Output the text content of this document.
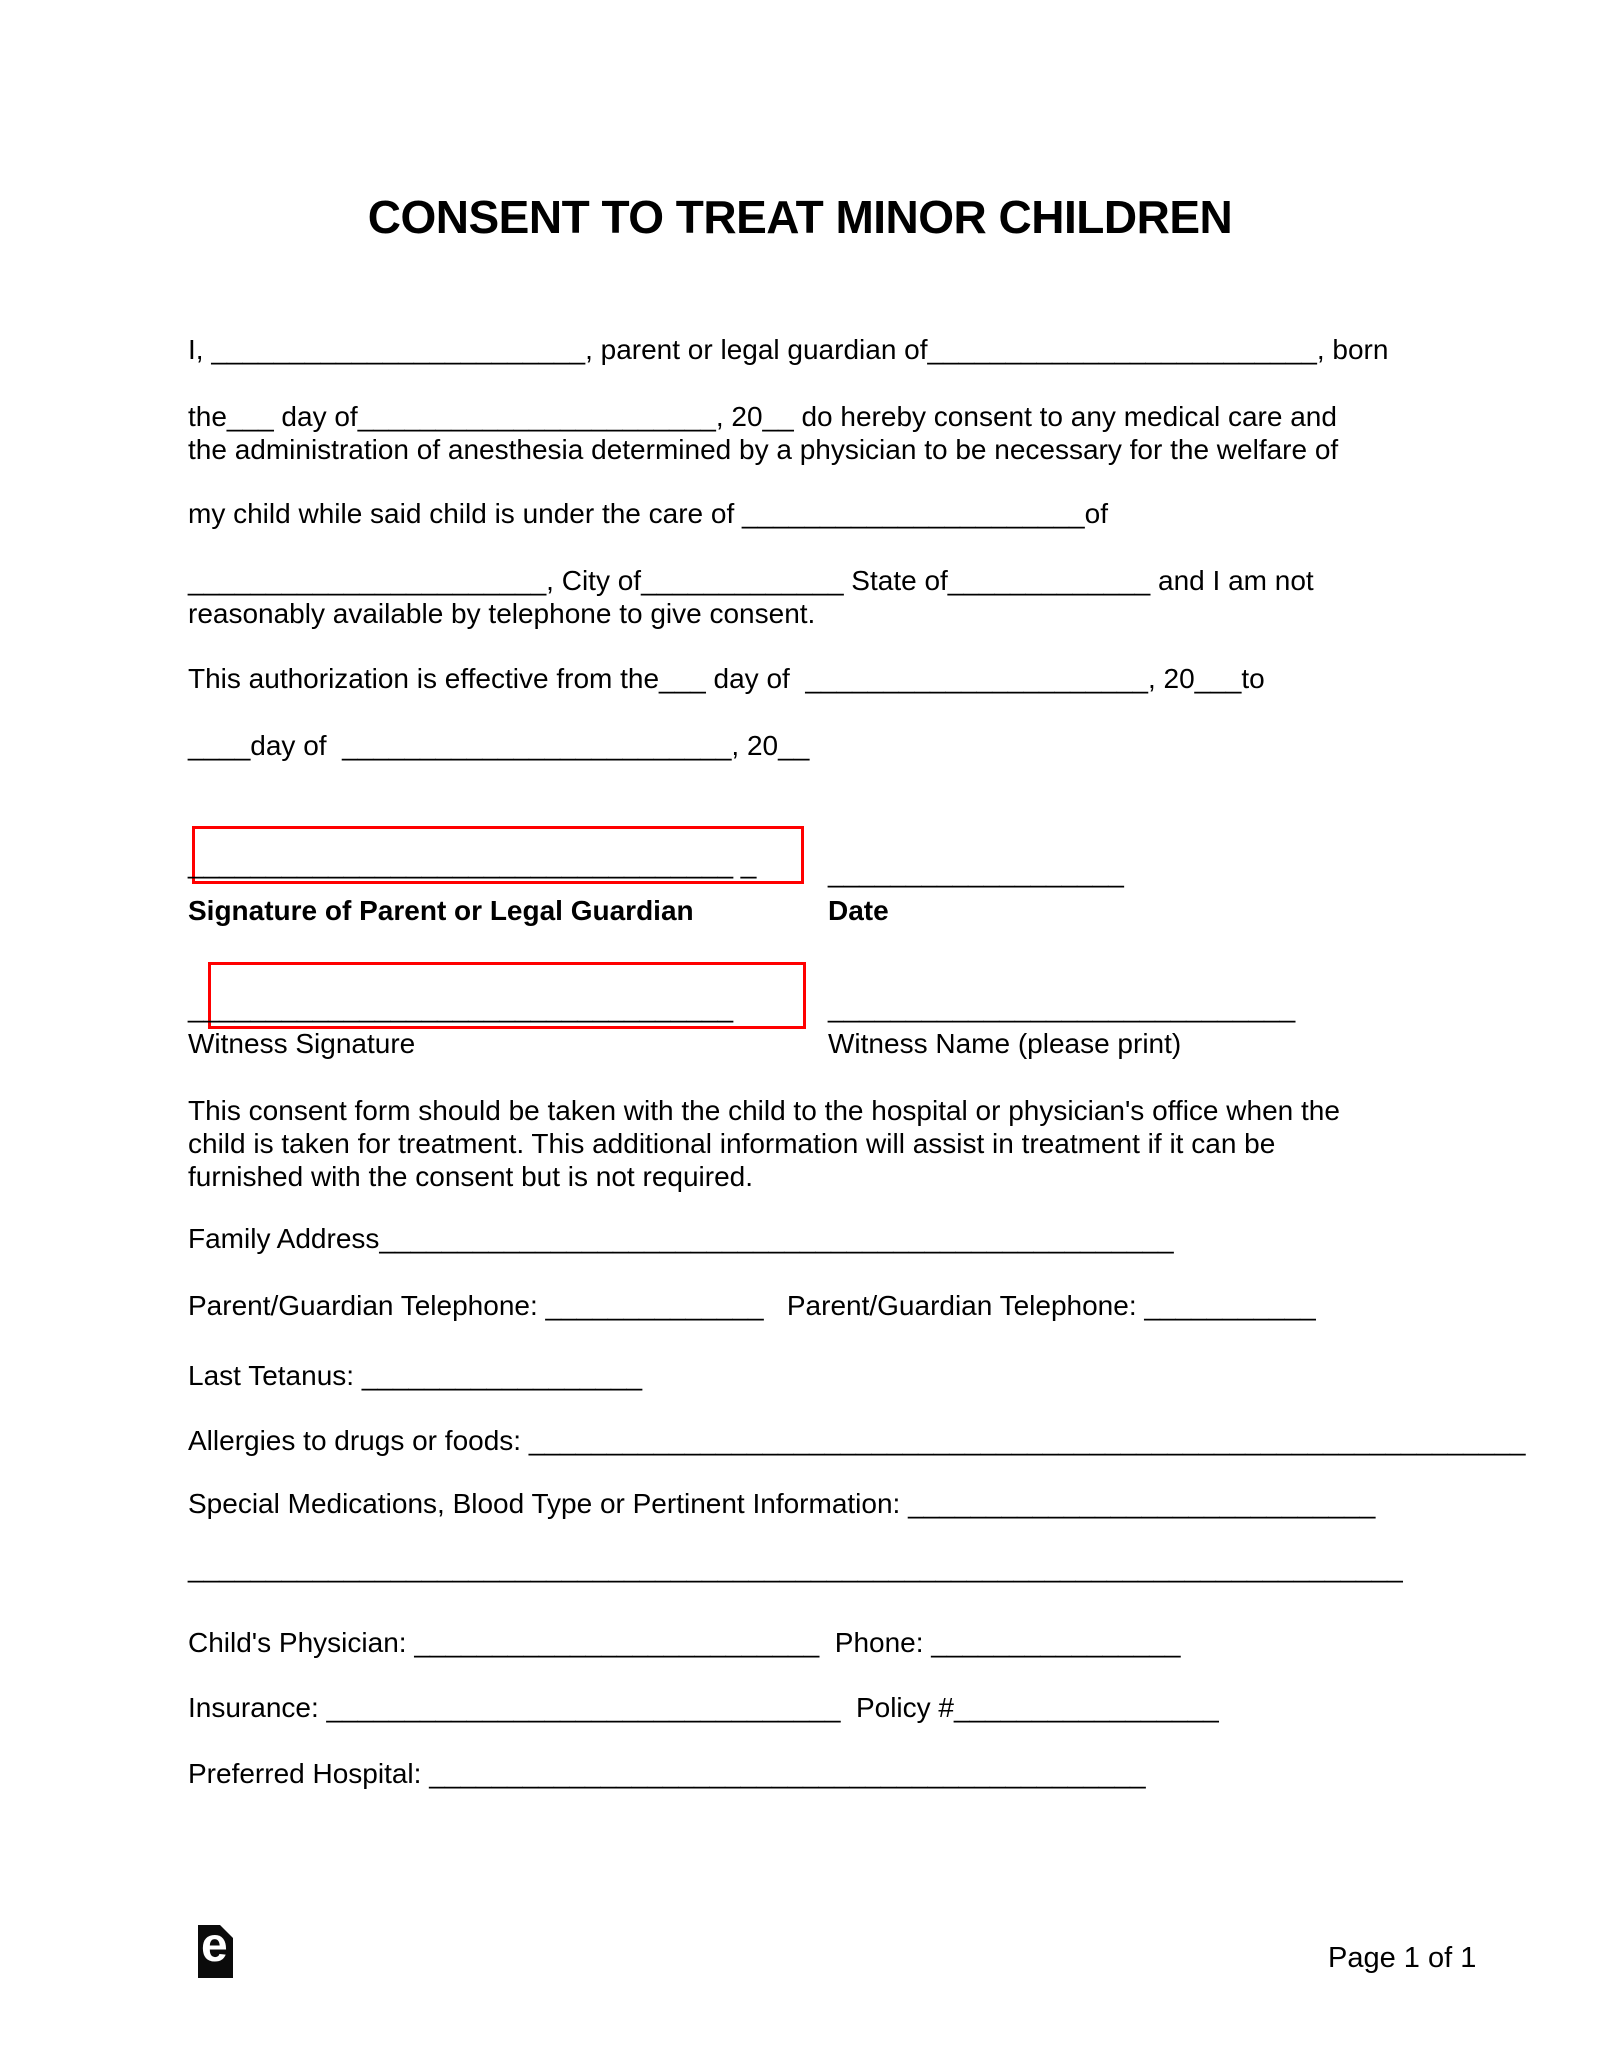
CONSENT TO TREAT MINOR CHILDREN
I, ________________________, parent or legal guardian of_________________________, born
the___ day of_______________________, 20__ do hereby consent to any medical care and
the administration of anesthesia determined by a physician to be necessary for the welfare of
my child while said child is under the care of ______________________of
_______________________, City of_____________ State of_____________ and I am not
reasonably available by telephone to give consent.
This authorization is effective from the___ day of  ______________________, 20___to
____day of  _________________________, 20__
___________________________________ _	___________________
Signature of Parent or Legal Guardian	Date
___________________________________	______________________________
Witness Signature	Witness Name (please print)
This consent form should be taken with the child to the hospital or physician's office when the
child is taken for treatment. This additional information will assist in treatment if it can be
furnished with the consent but is not required.
Family Address___________________________________________________
Parent/Guardian Telephone: ______________   Parent/Guardian Telephone: ___________
Last Tetanus: __________________
Allergies to drugs or foods: ________________________________________________________________
Special Medications, Blood Type or Pertinent Information: ______________________________
______________________________________________________________________________
Child's Physician: __________________________  Phone: ________________
Insurance: _________________________________  Policy #_________________
Preferred Hospital: ______________________________________________
e	Page 1 of 1
